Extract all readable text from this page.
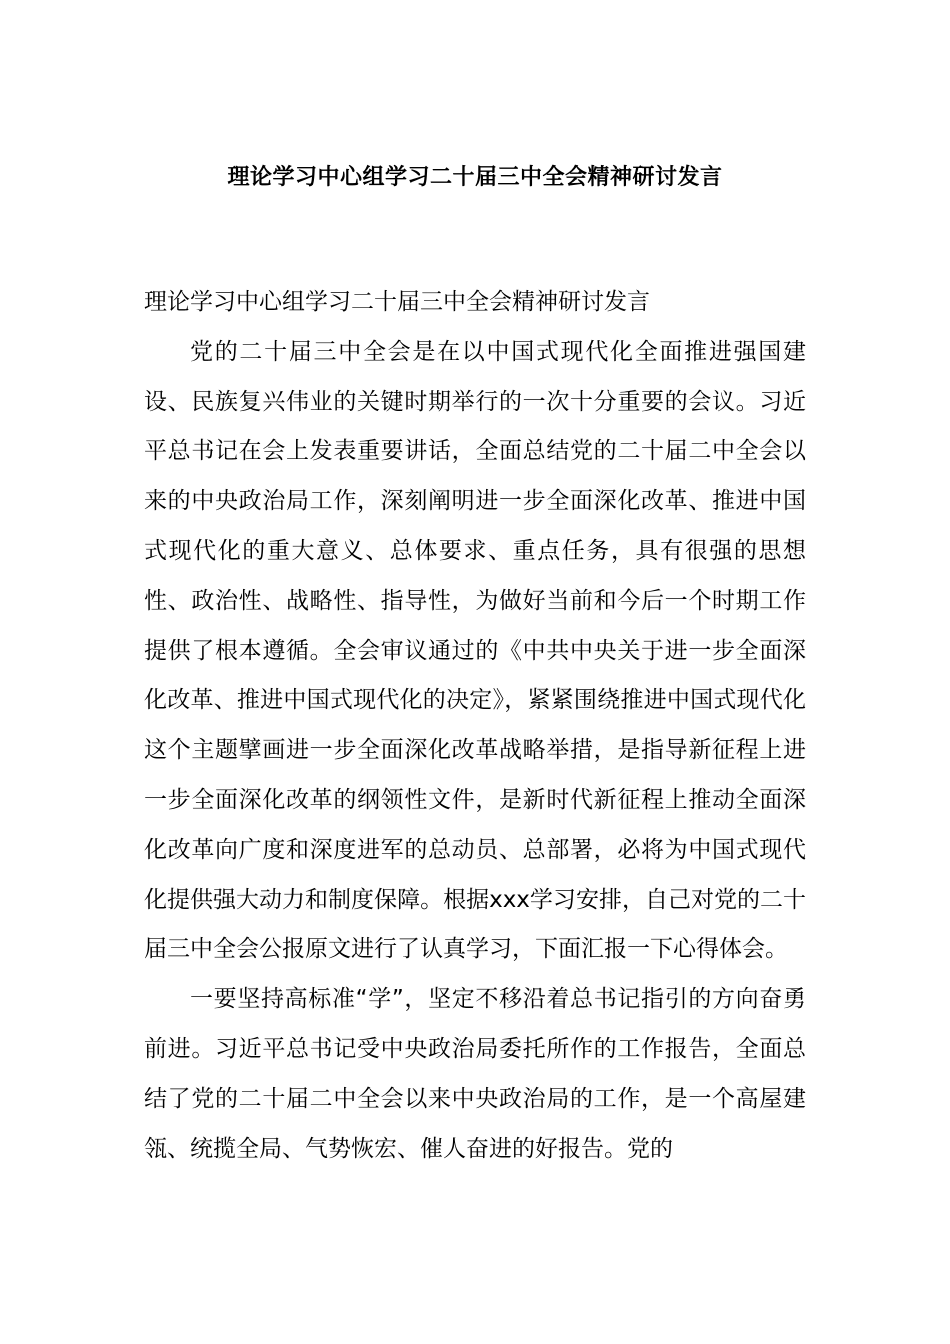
理论学习中心组学习二十届三中全会精神研讨发言

理论学习中心组学习二十届三中全会精神研讨发言

党的二十届三中全会是在以中国式现代化全面推进强国建设、民族复兴伟业的关键时期举行的一次十分重要的会议。习近平总书记在会上发表重要讲话，全面总结党的二十届二中全会以来的中央政治局工作，深刻阐明进一步全面深化改革、推进中国式现代化的重大意义、总体要求、重点任务，具有很强的思想性、政治性、战略性、指导性，为做好当前和今后一个时期工作提供了根本遵循。全会审议通过的《中共中央关于进一步全面深化改革、推进中国式现代化的决定》，紧紧围绕推进中国式现代化这个主题擘画进一步全面深化改革战略举措，是指导新征程上进一步全面深化改革的纲领性文件，是新时代新征程上推动全面深化改革向广度和深度进军的总动员、总部署，必将为中国式现代化提供强大动力和制度保障。根据xxx学习安排，自己对党的二十届三中全会公报原文进行了认真学习，下面汇报一下心得体会。

一要坚持高标准“学”，坚定不移沿着总书记指引的方向奋勇前进。习近平总书记受中央政治局委托所作的工作报告，全面总结了党的二十届二中全会以来中央政治局的工作，是一个高屋建瓴、统揽全局、气势恢宏、催人奋进的好报告。党的
